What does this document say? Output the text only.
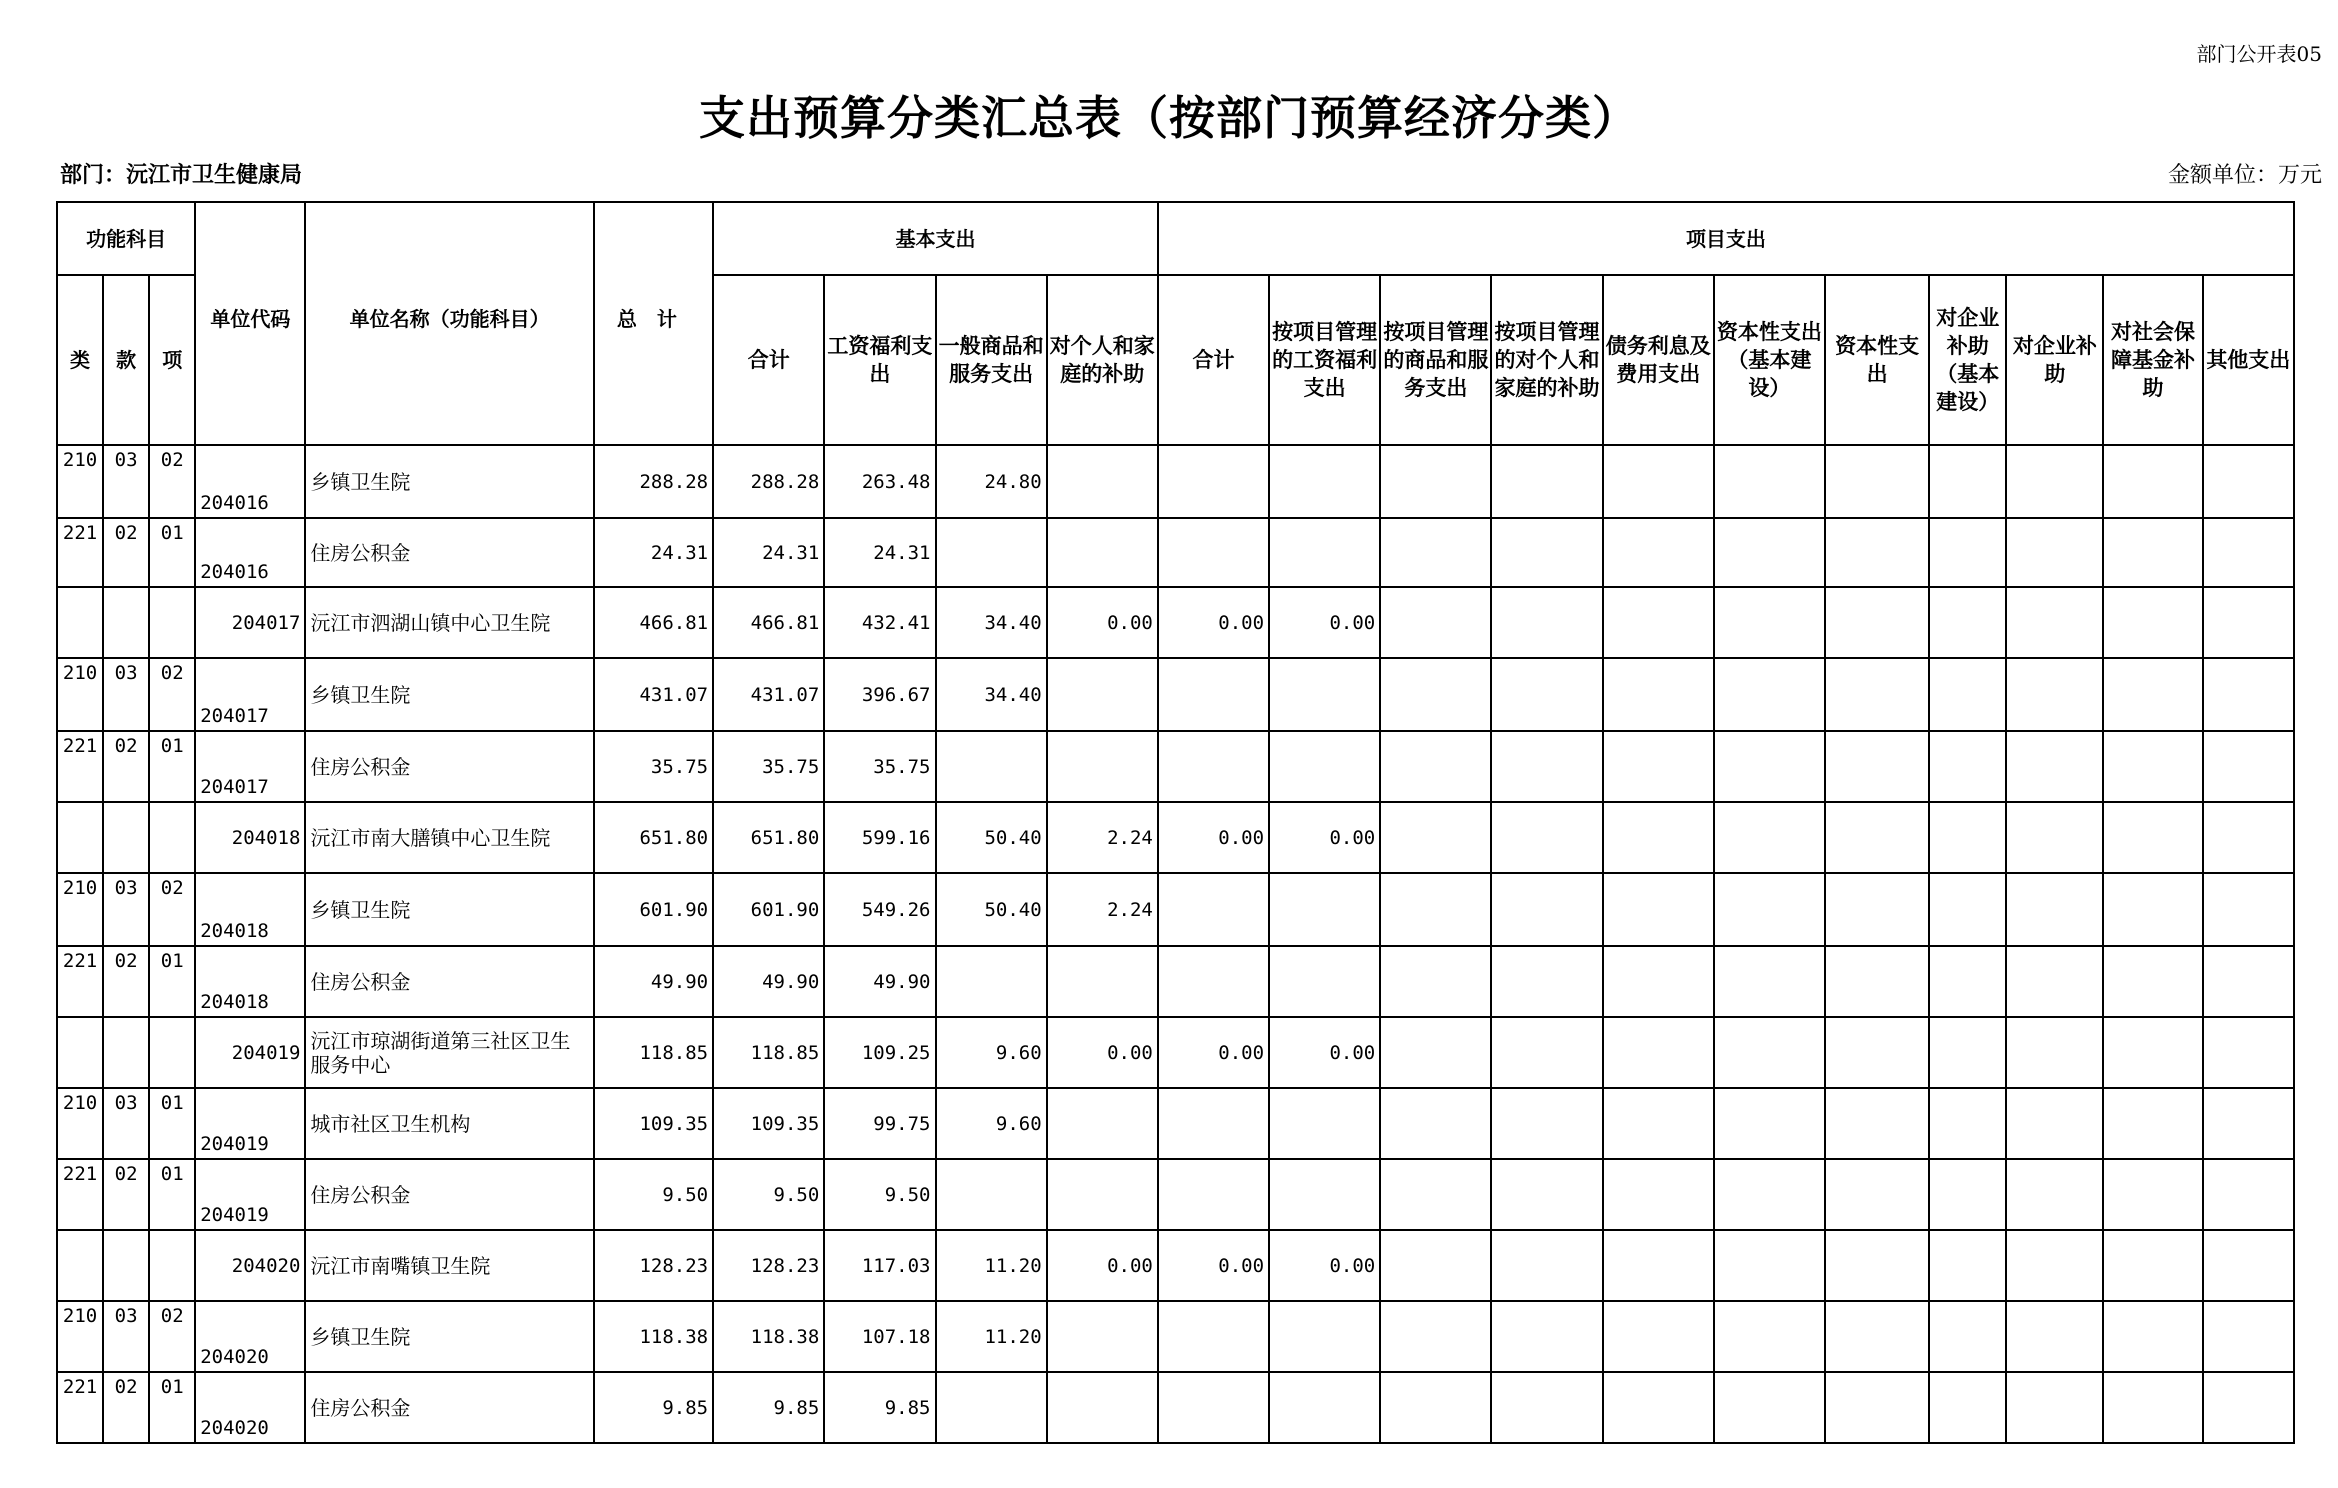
部门公开表05
支出预算分类汇总表（按部门预算经济分类）
部门：沅江市卫生健康局	金额单位：万元
功能科目			单位代码	单位名称（功能科目）	总　计	基本支出				项目支出										
类	款	项				合计	工资福利支出	一般商品和服务支出	对个人和家庭的补助	合计	按项目管理的工资福利支出	按项目管理的商品和服务支出	按项目管理的对个人和家庭的补助	债务利息及费用支出	资本性支出（基本建设）	资本性支出	对企业补助（基本建设）	对企业补助	对社会保障基金补助	其他支出
210	03	02	204016	乡镇卫生院	288.28	288.28	263.48	24.80												
221	02	01	204016	住房公积金	24.31	24.31	24.31													
			204017	沅江市泗湖山镇中心卫生院	466.81	466.81	432.41	34.40	0.00	0.00	0.00									
210	03	02	204017	乡镇卫生院	431.07	431.07	396.67	34.40												
221	02	01	204017	住房公积金	35.75	35.75	35.75													
			204018	沅江市南大膳镇中心卫生院	651.80	651.80	599.16	50.40	2.24	0.00	0.00									
210	03	02	204018	乡镇卫生院	601.90	601.90	549.26	50.40	2.24											
221	02	01	204018	住房公积金	49.90	49.90	49.90													
			204019	沅江市琼湖街道第三社区卫生服务中心	118.85	118.85	109.25	9.60	0.00	0.00	0.00									
210	03	01	204019	城市社区卫生机构	109.35	109.35	99.75	9.60												
221	02	01	204019	住房公积金	9.50	9.50	9.50													
			204020	沅江市南嘴镇卫生院	128.23	128.23	117.03	11.20	0.00	0.00	0.00									
210	03	02	204020	乡镇卫生院	118.38	118.38	107.18	11.20												
221	02	01	204020	住房公积金	9.85	9.85	9.85													
